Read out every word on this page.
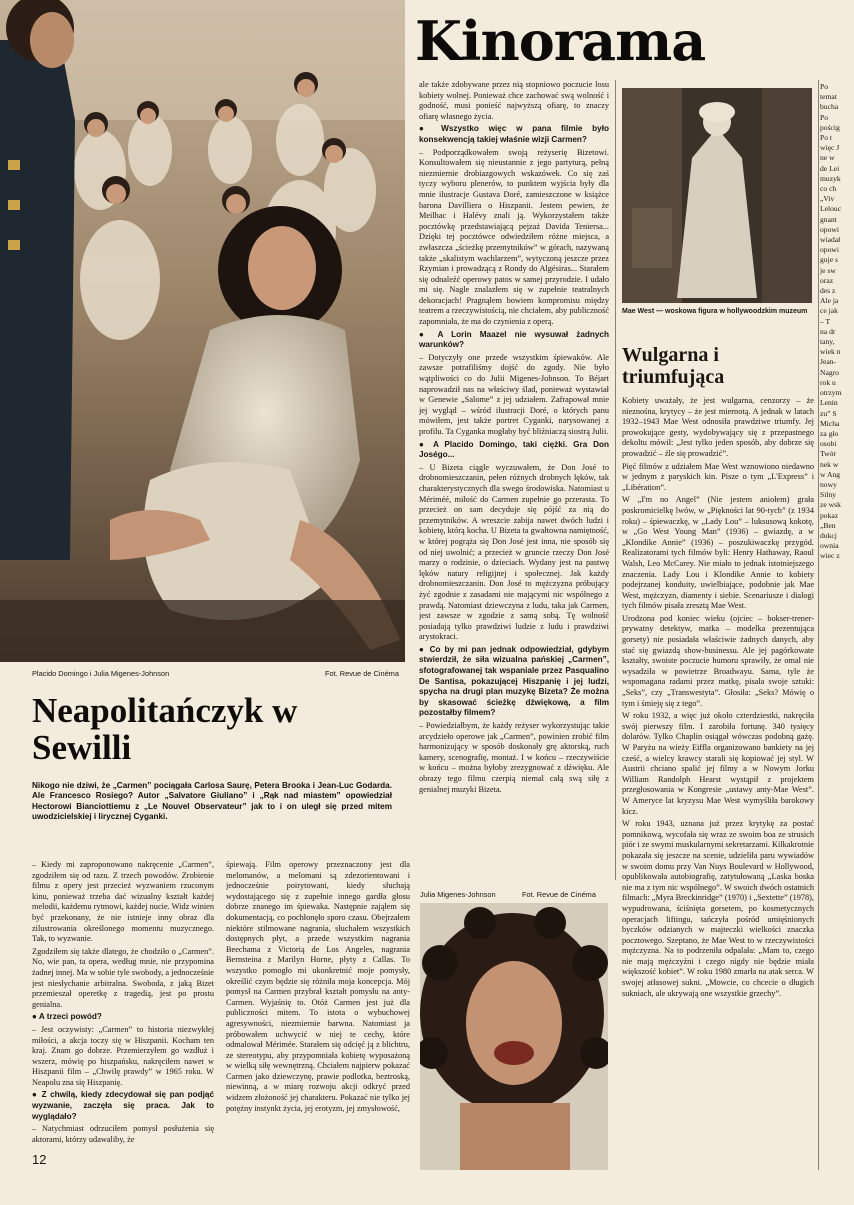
Placido Domingo i Julia Migenes-Johnson	Fot. Revue de Cinéma
Neapolitańczyk w Sewilli
Nikogo nie dziwi, że „Carmen” pociągała Carlosa Saurę, Petera Brooka i Jean-Luc Godarda. Ale Francesco Rosiego? Autor „Salvatore Giuliano” i „Rąk nad miastem” opowiedział Hectorowi Bianciottiemu z „Le Nouvel Observateur” jak to i on uległ się przed mitem uwodzicielskiej i lirycznej Cyganki.

– Kiedy mi zaproponowano nakręcenie „Carmen”, zgodziłem się od razu. Z trzech powodów. Zrobienie filmu z opery jest przecież wyzwaniem rzuconym kinu, ponieważ trzeba dać wizualny kształt każdej melodii, każdemu rytmowi, każdej nucie. Widz winien być przekonany, że nie istnieje inny obraz dla zilustrowania określonego momentu muzycznego. Tak, to wyzwanie.

Zgodziłem się także dlatego, że chodziło o „Carmen”. No, wie pan, ta opera, według mnie, nie przypomina żadnej innej. Ma w sobie tyle swobody, a jednocześnie jest niesłychanie arbitralna. Swoboda, z jaką Bizet przemieszał operetkę z tragedią, jest po prostu genialna.

● A trzeci powód?

– Jest oczywisty: „Carmen” to historia niezwykłej miłości, a akcja toczy się w Hiszpanii. Kocham ten kraj. Znam go dobrze. Przemierzyłem go wzdłuż i wszerz, mówię po hiszpańsku, nakręciłem nawet w Hiszpanii film – „Chwilę prawdy” w 1965 roku. W Neapolu zna się Hiszpanię.

● Z chwilą, kiedy zdecydował się pan podjąć wyzwanie, zaczęła się praca. Jak to wyglądało?

– Natychmiast odrzuciłem pomysł posłużenia się aktorami, którzy udawaliby, że

śpiewają. Film operowy przeznaczony jest dla melomanów, a melomani są zdezorientowani i jednocześnie poirytowani, kiedy słuchają wydostającego się z zupełnie innego gardła głosu dobrze znanego im śpiewaka. Następnie zająłem się dokumentacją, co pochłonęło sporo czasu. Obejrzałem niektóre stilmowane nagrania, słuchałem wszystkich dostępnych płyt, a przede wszystkim nagrania Beechama z Victorią de Los Angeles, nagrania Bernsteina z Marilyn Horne, płyty z Callas. To wszystko pomogło mi ukonkretnić moje pomysły, określić czym będzie się różniła moja koncepcja. Mój pomysł na Carmen przybrał kształt pomysłu na anty-Carmen. Wyjaśnię to. Otóż Carmen jest już dla publiczności mitem. To istota o wybuchowej agresywności, niezmiernie barwna. Natomiast ja próbowałem uchwycić w niej te cechy, które odmalował Mérimée. Starałem się odcięć ją z blichtru, ze stereotypu, aby przypomniała kobietę wyposażoną w wielką siłę wewnętrzną. Chciałem najpierw pokazać Carmen jako dziewczynę, prawie podlotka, beztroską, niewinną, a w miarę rozwoju akcji odkryć przed widzem złożoność jej charakteru. Pokazać nie tylko jej potężny instynkt życia, jej erotyzm, jej zmysłowość,

Kinorama

ale także zdobywane przez nią stopniowo poczucie losu kobiety wolnej. Ponieważ chce zachować swą wolność i godność, musi ponieść najwyższą ofiarę, to znaczy ofiarę własnego życia.

● Wszystko więc w pana filmie było konsekwencją takiej właśnie wizji Carmen?

– Podporządkowałem swoją reżyserię Bizetowi. Konsultowałem się nieustannie z jego partyturą, pełną niezmiernie drobiazgowych wskazówek. Co się zaś tyczy wyboru plenerów, to punktem wyjścia były dla mnie ilustracje Gustava Doré, zamieszczone w książce barona Davilliera o Hiszpanii. Jestem pewien, że Meilhac i Halévy znali ją. Wykorzystałem także pocztówkę przedstawiającą pejzaż Davida Teniersa... Dzięki tej pocztówce odwiedziłem różne miejsca, a zwłaszcza „ścieżkę przemytników” w górach, nazywaną także „skalistym wachlarzem”, wytyczoną jeszcze przez Rzymian i prowadzącą z Rondy do Algésiras... Starałem się odnaleźć operowy patos w samej przyrodzie. I udało mi się. Nagle znalazłem się w zupełnie teatralnych dekoracjach! Pragnąłem bowiem kompromisu między teatrem a rzeczywistością, nie chciałem, aby publiczność zapomniała, że ma do czynienia z operą.

● A Lorin Maazel nie wysuwał żadnych warunków?

– Dotyczyły one przede wszystkim śpiewaków. Ale zawsze potrafiliśmy dojść do zgody. Nie było wątpliwości co do Julii Migenes-Johnson. To Béjart naprowadził nas na właściwy ślad, ponieważ wystawiał w Genewie „Salome” z jej udziałem. Zafrapował mnie jej wygląd – wśród ilustracji Doré, o których panu mówiłem, jest także portret Cyganki, narysowanej z profilu. Ta Cyganka mogłaby być bliźniaczą siostrą Julii.

● A Placido Domingo, taki ciężki. Gra Don Joségo...

– U Bizeta ciągle wyczuwałem, że Don José to drobnomieszczanin, pełen różnych drobnych lęków, tak charakterystycznych dla swego środowiska. Natomiast u Mériméé, miłość do Carmen zupełnie go przerasta. To przecież on sam decyduje się pójść za nią do przemytników. A wreszcie zabija nawet dwóch ludzi i kobietę, którą kocha. U Bizeta ta gwałtowna namiętność, w której pogrąża się Don José jest inna, nie sposób się od niej uwolnić; a przecież w gruncie rzeczy Don José marzy o rodzinie, o dzieciach. Wydany jest na pastwę lęków natury religijnej i społecznej. Jak każdy drobnomieszczanin. Don José to mężczyzna próbujący żyć zgodnie z zasadami nie mającymi nic wspólnego z prawdą. Natomiast dziewczyna z ludu, taka jak Carmen, jest zawsze w zgodzie z samą sobą. Tę wolność posiadają tylko prawdziwi ludzie z ludu i prawdziwi arystokraci.

● Co by mi pan jednak odpowiedział, gdybym stwierdził, że siła wizualna pańskiej „Carmen”, sfotografowanej tak wspaniale przez Pasqualino De Santisa, pokazującej Hiszpanię i jej ludzi, spycha na drugi plan muzykę Bizeta? Że można by skasować ścieżkę dźwiękową, a film pozostałby filmem?

– Powiedziałbym, że każdy reżyser wykorzystując takie arcydzieło operowe jak „Carmen”, powinien zrobić film harmonizujący w sposób doskonały grę aktorską, ruch kamery, scenografię, montaż. I w końcu – rzeczywiście w końcu – można byłoby zrezygnować z dźwięku. Ale obrazy tego filmu czerpią niemal całą swą siłę z genialnej muzyki Bizeta.

Julia Migenes-Johnson	Fot. Revue de Cinéma
Mae West — woskowa figura w hollywoodzkim muzeum
Wulgarna i triumfująca

Kobiety uważały, że jest wulgarna, cenzorzy – że nieznośna, krytycy – że jest miernotą. A jednak w latach 1932–1943 Mae West odnosiła prawdziwe triumfy. Jej prowokujące gesty, wydobywający się z przepastnego dekoltu mówił: „Jest tylko jeden sposób, aby dobrze się prowadzić – źle się prowadzić”.

Pięć filmów z udziałem Mae West wznowiono niedawno w jednym z paryskich kin. Pisze o tym „L'Express” i „Libération”.

W „I'm no Angel” (Nie jestem aniołem) grała poskromicielkę lwów, w „Piękności lat 90-tych” (z 1934 roku) – śpiewaczkę, w „Lady Lou” – luksusową kokotę, w „Go West Young Man” (1936) – gwiazdę, a w „Klondike Annie” (1936) – poszukiwaczkę przygód. Realizatorami tych filmów byli: Henry Hathaway, Raoul Walsh, Leo McCarey. Nie miało to jednak istotniejszego znaczenia. Lady Lou i Klondike Annie to kobiety podejrzanej konduity, uwielbiające, podobnie jak Mae West, mężczyzn, diamenty i siebie. Scenariusze i dialogi tych filmów pisała zresztą Mae West.

Urodzona pod koniec wieku (ojciec – bokser-trener-prywatny detektyw, matka – modelka prezentująca gorsety) nie posiadała właściwie żadnych danych, aby stać się gwiazdą show-businessu. Ale jej pagórkowate kształty, swoiste poczucie humoru sprawiły, że omal nie wysadziła w powietrze Broadwayu. Sama, tyle że wspomagana radami przez matkę, pisała swoje sztuki: „Seks”, czy „Transwestyta”. Głosiła: „Seks? Mówię o tym i śmieję się z tego”.

W roku 1932, a więc już około czterdziestki, nakręciła swój pierwszy film. I zarobiła fortunę. 340 tysięcy dolarów. Tylko Chaplin osiągał wówczas podobną gażę. W Paryżu na wieży Eiffla organizowano bankiety na jej cześć, a wielcy krawcy starali się kopiować jej styl. W Austrii chciano spalić jej filmy a w Nowym Jorku William Randolph Hearst wystąpił z projektem przegłosowania w Kongresie „ustawy anty-Mae West”. W Ameryce lat kryzysu Mae West wymyśliła barokowy kicz.

W roku 1943, uznana już przez krytykę za postać pomnikową, wycofała się wraz ze swoim boa ze strusich piór i ze swymi muskularnymi sekretarzami. Kilkakrotnie pokazała się jeszcze na scenie, udzieliła paru wywiadów w swoim domu przy Van Nuys Boulevard w Hollywood, opublikowała autobiografię, zatytułowaną „Laska boska nie ma z tym nic wspólnego”. W swoich dwóch ostatnich filmach: „Myra Breckinridge” (1970) i „Sextette” (1978), wypudrowana, ściśnięta gorsetem, po kosmetycznych operacjach liftingu, tańczyła pośród umięśnionych byczków odzianych w majteczki wielkości znaczka pocztowego. Szeptano, że Mae West to w rzeczywistości mężczyzna. Na to podrzeniła odpalała: „Mam to, czego nie mają mężczyźni i czego nigdy nie będzie miała większość kobiet”. W roku 1980 zmarła na atak serca. W swojej atłasowej sukni. „Mowcie, co chcecie o długich sukniach, ale ukrywają one wszystkie grzechy”.

Po
temat
bucha
Po
pościg
Po t
więc J
ne w
de Lei
muzyk
co ch
„Viv
Lelouc
gnant
opowi
wiadał
opowi
guje s
je sw
oraz
des z
Ale ja
ce jak
– T
na dr
tany,
wiek n
Jean-
Nagro
rok u
otrzym
Lenin
zu” S
Micha
za gło
osobi
Twór
nek w
w Ang
nowy
Silny
ze wsk
pokaz
„Ben
dukcj
ownia
wiec z
12
